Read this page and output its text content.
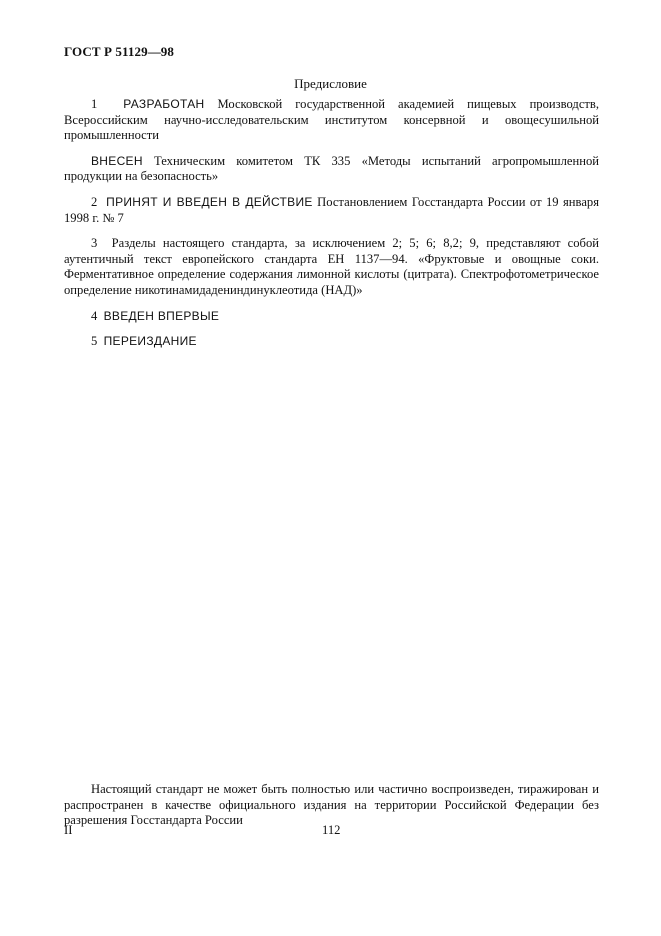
ГОСТ Р 51129—98
Предисловие

1 РАЗРАБОТАН Московской государственной академией пищевых производств, Всероссийским научно-исследовательским институтом консервной и овощесушильной промышленности

ВНЕСЕН Техническим комитетом ТК 335 «Методы испытаний агропромышленной продукции на безопасность»

2 ПРИНЯТ И ВВЕДЕН В ДЕЙСТВИЕ Постановлением Госстандарта России от 19 января 1998 г. № 7

3 Разделы настоящего стандарта, за исключением 2; 5; 6; 8,2; 9, представляют собой аутентичный текст европейского стандарта ЕН 1137—94. «Фруктовые и овощные соки. Ферментативное определение содержания лимонной кислоты (цитрата). Спектрофотометрическое определение никотинамидадениндинуклеотида (НАД)»

4 ВВЕДЕН ВПЕРВЫЕ

5 ПЕРЕИЗДАНИЕ

Настоящий стандарт не может быть полностью или частично воспроизведен, тиражирован и распространен в качестве официального издания на территории Российской Федерации без разрешения Госстандарта России

II	112
